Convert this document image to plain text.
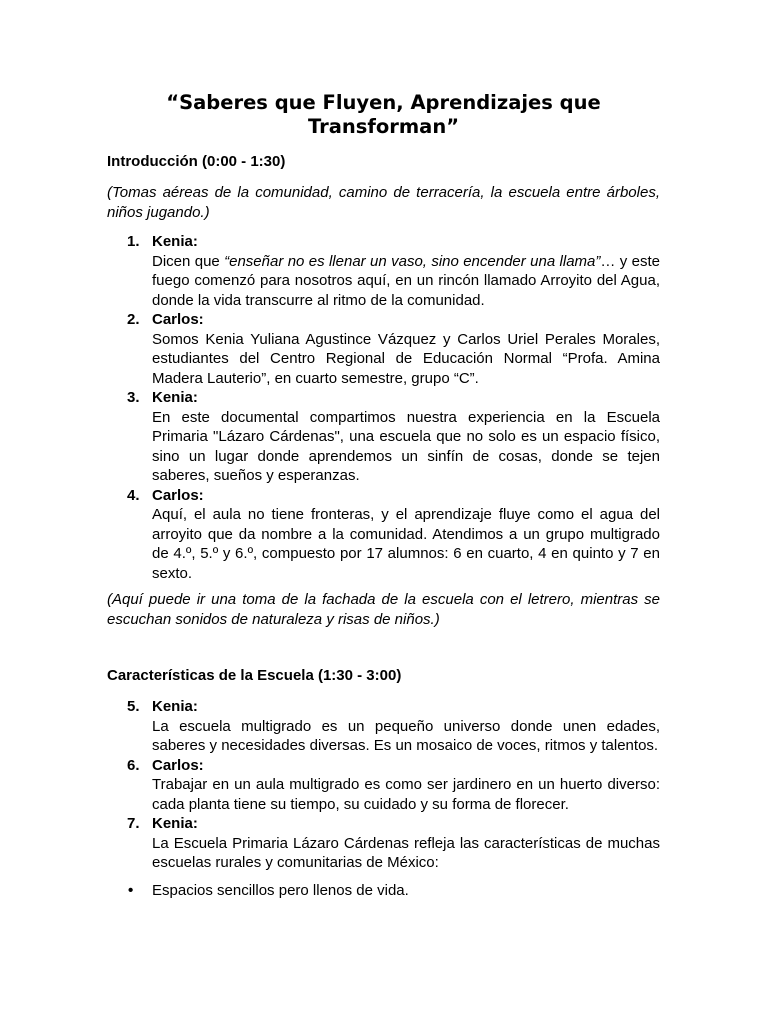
“Saberes que Fluyen, Aprendizajes que Transforman”

Introducción (0:00 - 1:30)

(Tomas aéreas de la comunidad, camino de terracería, la escuela entre árboles, niños jugando.)

1. Kenia:
Dicen que “enseñar no es llenar un vaso, sino encender una llama”… y este fuego comenzó para nosotros aquí, en un rincón llamado Arroyito del Agua, donde la vida transcurre al ritmo de la comunidad.
2. Carlos:
Somos Kenia Yuliana Agustince Vázquez y Carlos Uriel Perales Morales, estudiantes del Centro Regional de Educación Normal “Profa. Amina Madera Lauterio”, en cuarto semestre, grupo “C”.
3. Kenia:
En este documental compartimos nuestra experiencia en la Escuela Primaria "Lázaro Cárdenas", una escuela que no solo es un espacio físico, sino un lugar donde aprendemos un sinfín de cosas, donde se tejen saberes, sueños y esperanzas.
4. Carlos:
Aquí, el aula no tiene fronteras, y el aprendizaje fluye como el agua del arroyito que da nombre a la comunidad. Atendimos a un grupo multigrado de 4.º, 5.º y 6.º, compuesto por 17 alumnos: 6 en cuarto, 4 en quinto y 7 en sexto.

(Aquí puede ir una toma de la fachada de la escuela con el letrero, mientras se escuchan sonidos de naturaleza y risas de niños.)

Características de la Escuela (1:30 - 3:00)

5. Kenia:
La escuela multigrado es un pequeño universo donde unen edades, saberes y necesidades diversas. Es un mosaico de voces, ritmos y talentos.
6. Carlos:
Trabajar en un aula multigrado es como ser jardinero en un huerto diverso: cada planta tiene su tiempo, su cuidado y su forma de florecer.
7. Kenia:
La Escuela Primaria Lázaro Cárdenas refleja las características de muchas escuelas rurales y comunitarias de México:
• Espacios sencillos pero llenos de vida.
